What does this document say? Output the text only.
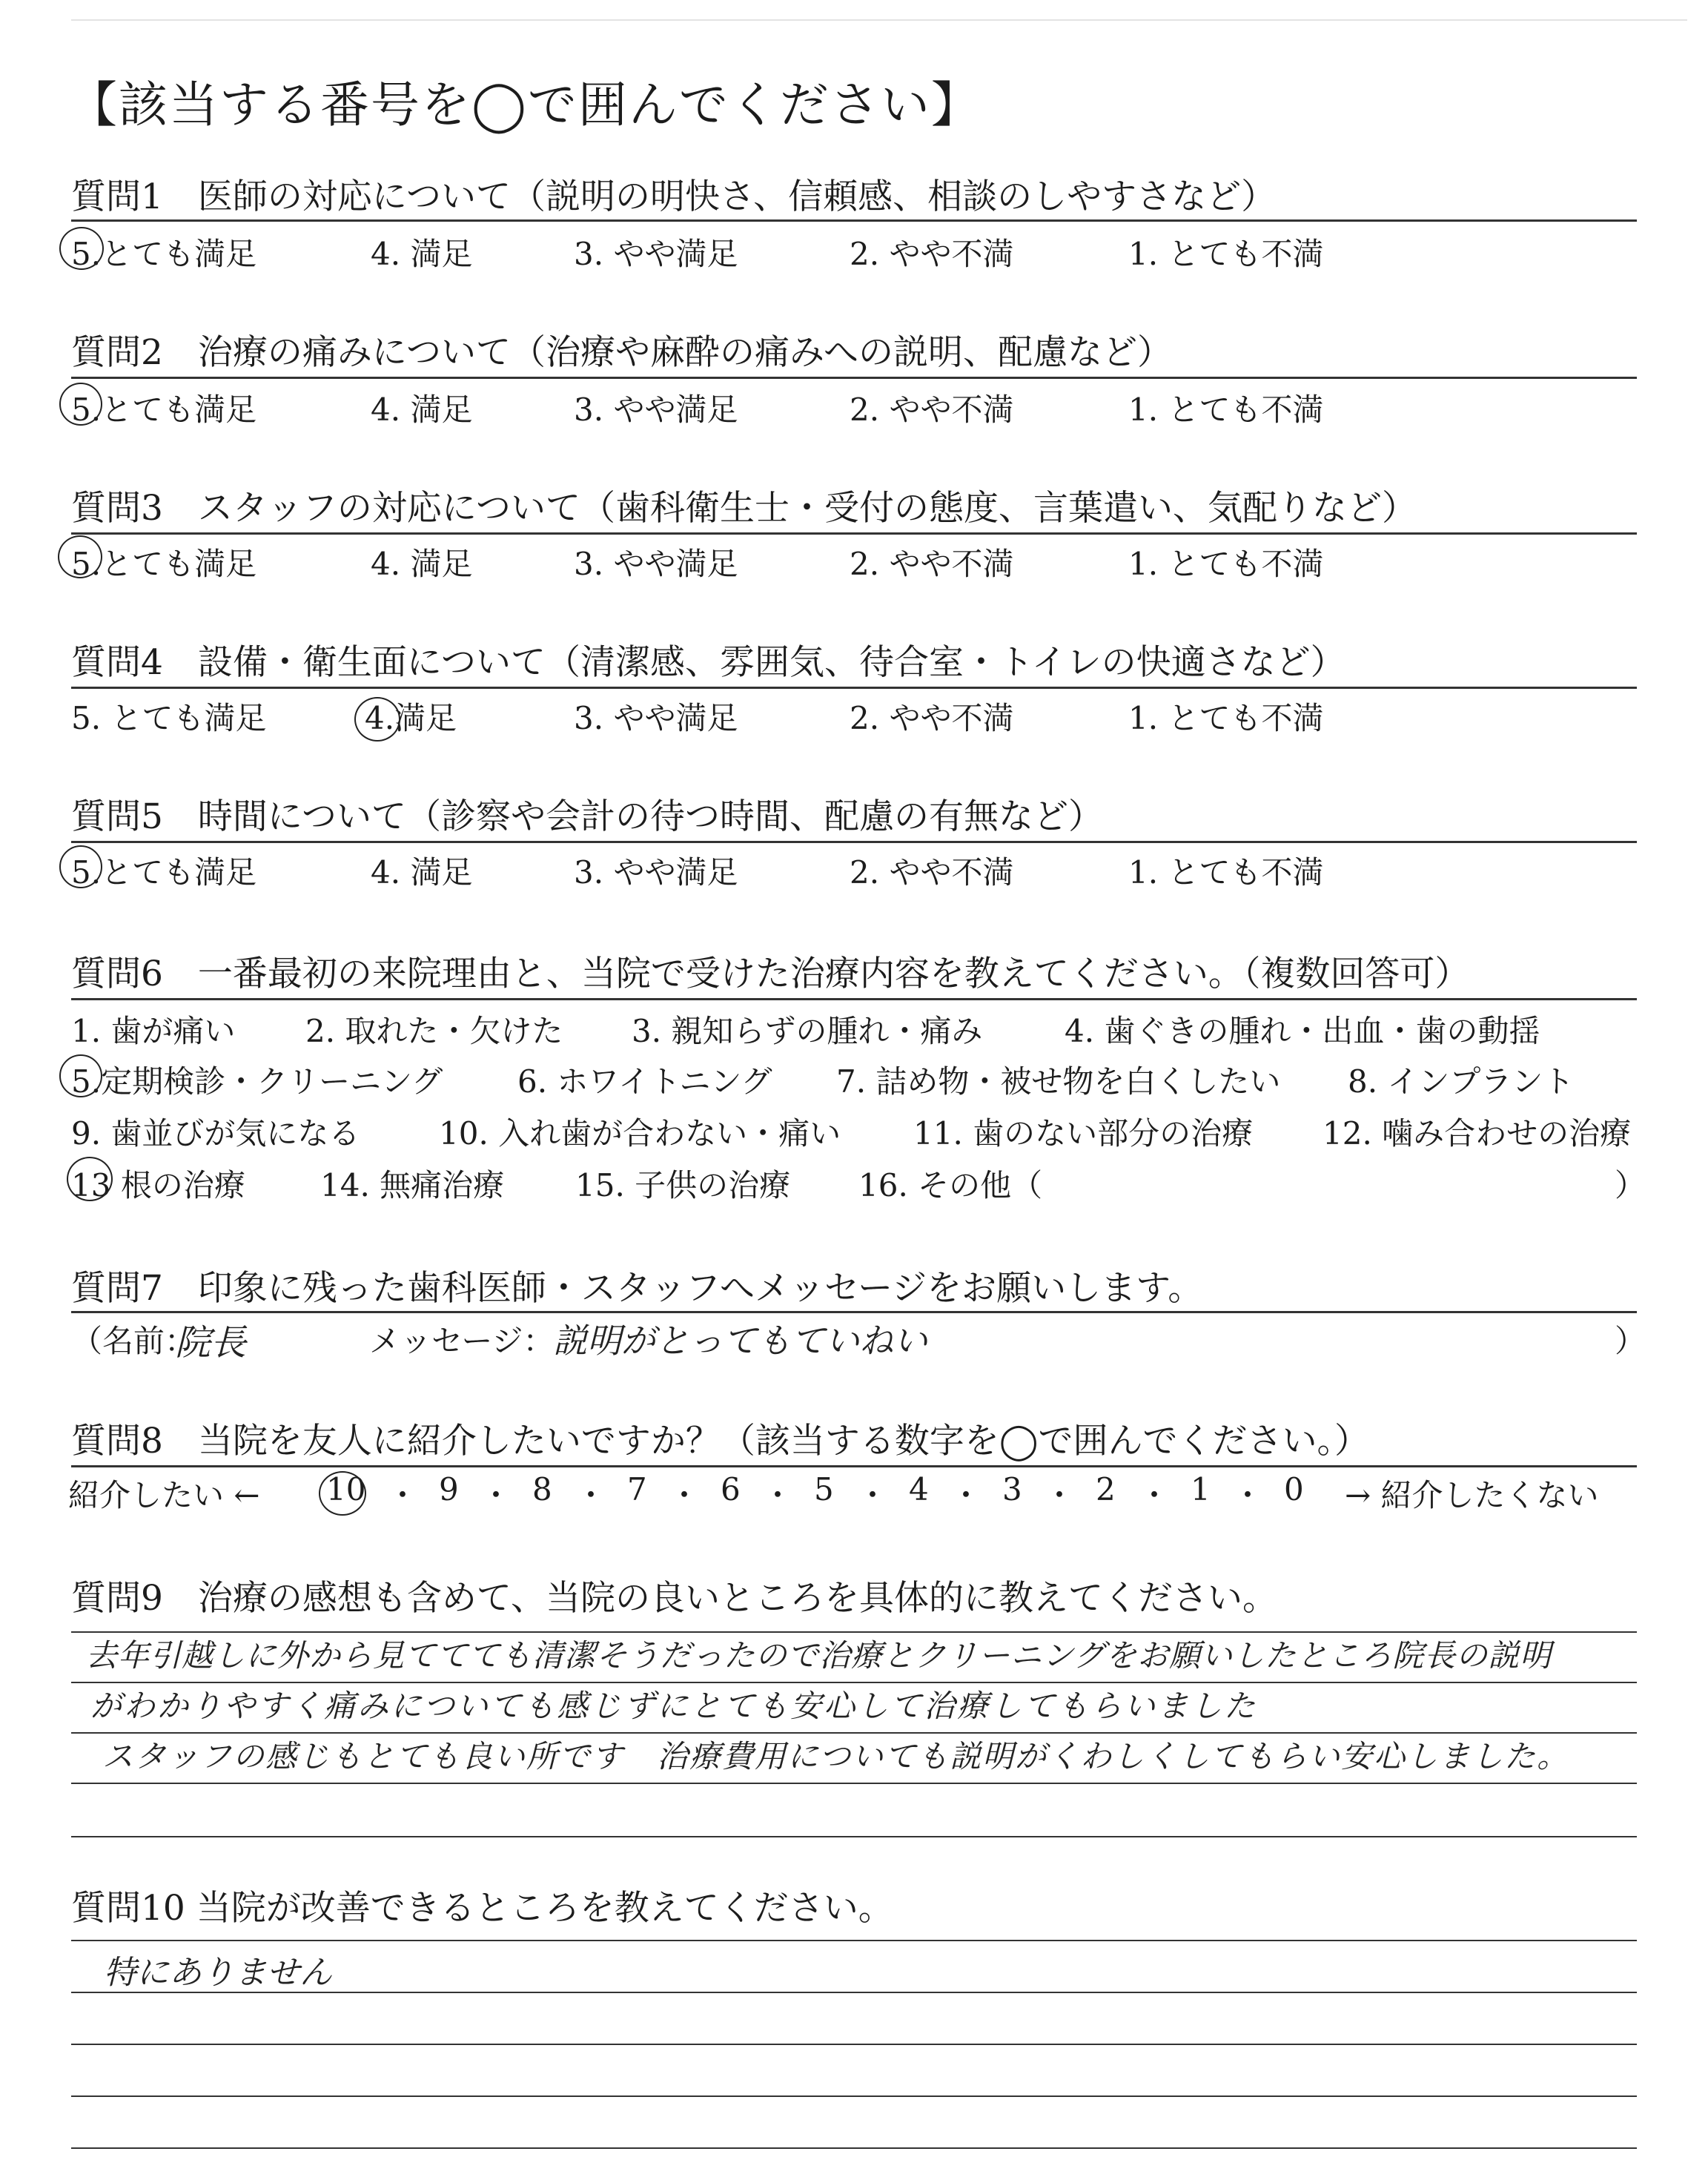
【該当する番号を◯で囲んでください】
質問1　医師の対応について（説明の明快さ、信頼感、相談のしやすさなど）
5.とても満足	4. 満足	3. やや満足	2. やや不満	1. とても不満
質問2　治療の痛みについて（治療や麻酔の痛みへの説明、配慮など）
5.とても満足	4. 満足	3. やや満足	2. やや不満	1. とても不満
質問3　スタッフの対応について（歯科衛生士・受付の態度、言葉遣い、気配りなど）
5.とても満足	4. 満足	3. やや満足	2. やや不満	1. とても不満
質問4　設備・衛生面について（清潔感、雰囲気、待合室・トイレの快適さなど）
5. とても満足	4.満足	3. やや満足	2. やや不満	1. とても不満
質問5　時間について（診察や会計の待つ時間、配慮の有無など）
5.とても満足	4. 満足	3. やや満足	2. やや不満	1. とても不満
質問6　一番最初の来院理由と、当院で受けた治療内容を教えてください。（複数回答可）
1. 歯が痛い 2. 取れた・欠けた 3. 親知らずの腫れ・痛み	4. 歯ぐきの腫れ・出血・歯の動揺
5.定期検診・クリーニング 6. ホワイトニング 7. 詰め物・被せ物を白くしたい 8. インプラント
9. 歯並びが気になる	10. 入れ歯が合わない・痛い 11. 歯のない部分の治療 12. 噛み合わせの治療
13 根の治療 14. 無痛治療 15. 子供の治療 16. その他（	）
質問7　印象に残った歯科医師・スタッフへメッセージをお願いします。
（名前：
院長	メッセージ：
説明がとってもていねい	）
質問8　当院を友人に紹介したいですか？（該当する数字を◯で囲んでください。）
紹介したい ← 10 ・ 9 ・ 8 ・ 7 ・ 6 ・ 5 ・ 4 ・ 3 ・ 2 ・ 1 ・ 0 → 紹介したくない
質問9　治療の感想も含めて、当院の良いところを具体的に教えてください。
去年引越しに外から見ててても清潔そうだったので治療とクリーニングをお願いしたところ院長の説明
がわかりやすく痛みについても感じずにとても安心して治療してもらいました
スタッフの感じもとても良い所です　治療費用についても説明がくわしくしてもらい安心しました。
質問10 当院が改善できるところを教えてください。
特にありません
